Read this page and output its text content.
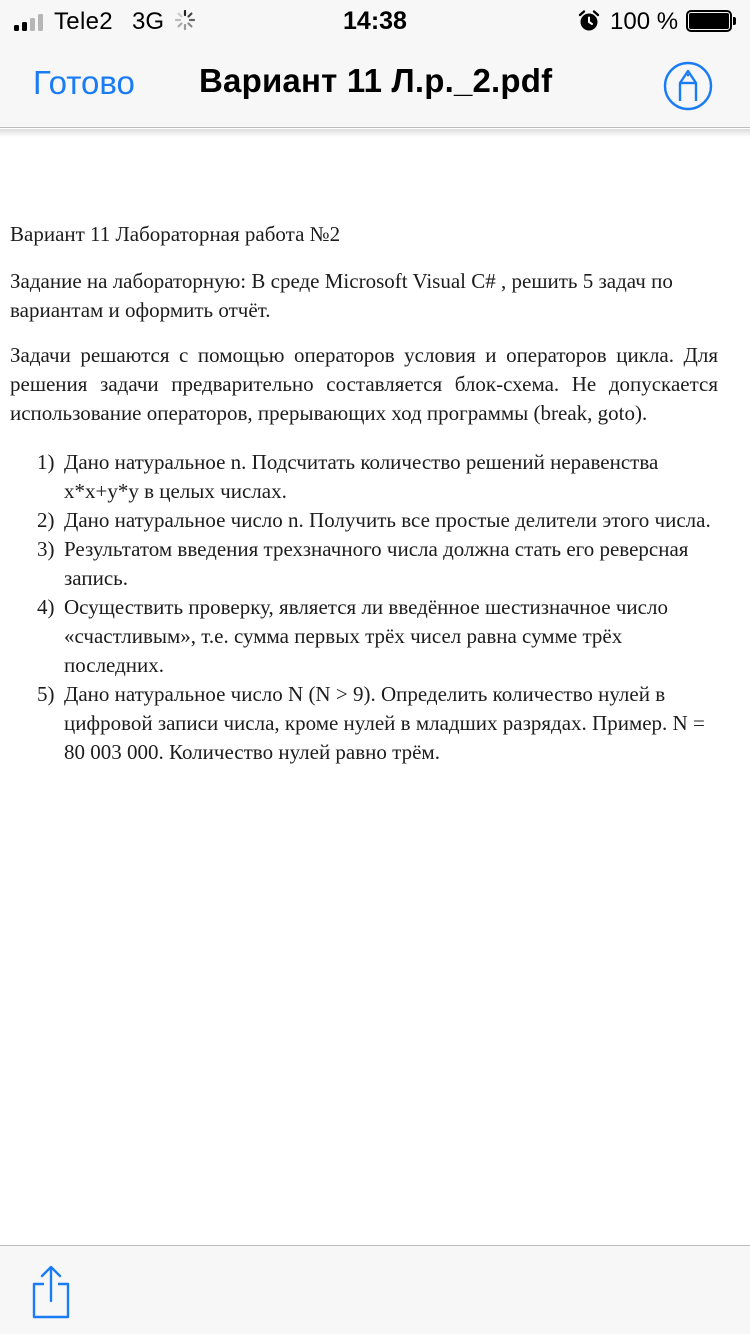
Tele2 3G	14:38	100 %
Готово Вариант 11 Л.р._2.pdf

Вариант 11 Лабораторная работа №2

Задание на лабораторную: В среде Microsoft Visual C# , решить 5 задач по вариантам и оформить отчёт.

Задачи решаются с помощью операторов условия и операторов цикла. Для решения задачи предварительно составляется блок-схема. Не допускается использование операторов, прерывающих ход программы (break, goto).

1) Дано натуральное n. Подсчитать количество решений неравенства x*x+y*y в целых числах.
2) Дано натуральное число n. Получить все простые делители этого числа.
3) Результатом введения трехзначного числа должна стать его реверсная запись.
4) Осуществить проверку, является ли введённое шестизначное число «счастливым», т.е. сумма первых трёх чисел равна сумме трёх последних.
5) Дано натуральное число N (N > 9). Определить количество нулей в цифровой записи числа, кроме нулей в младших разрядах. Пример. N = 80 003 000. Количество нулей равно трём.
